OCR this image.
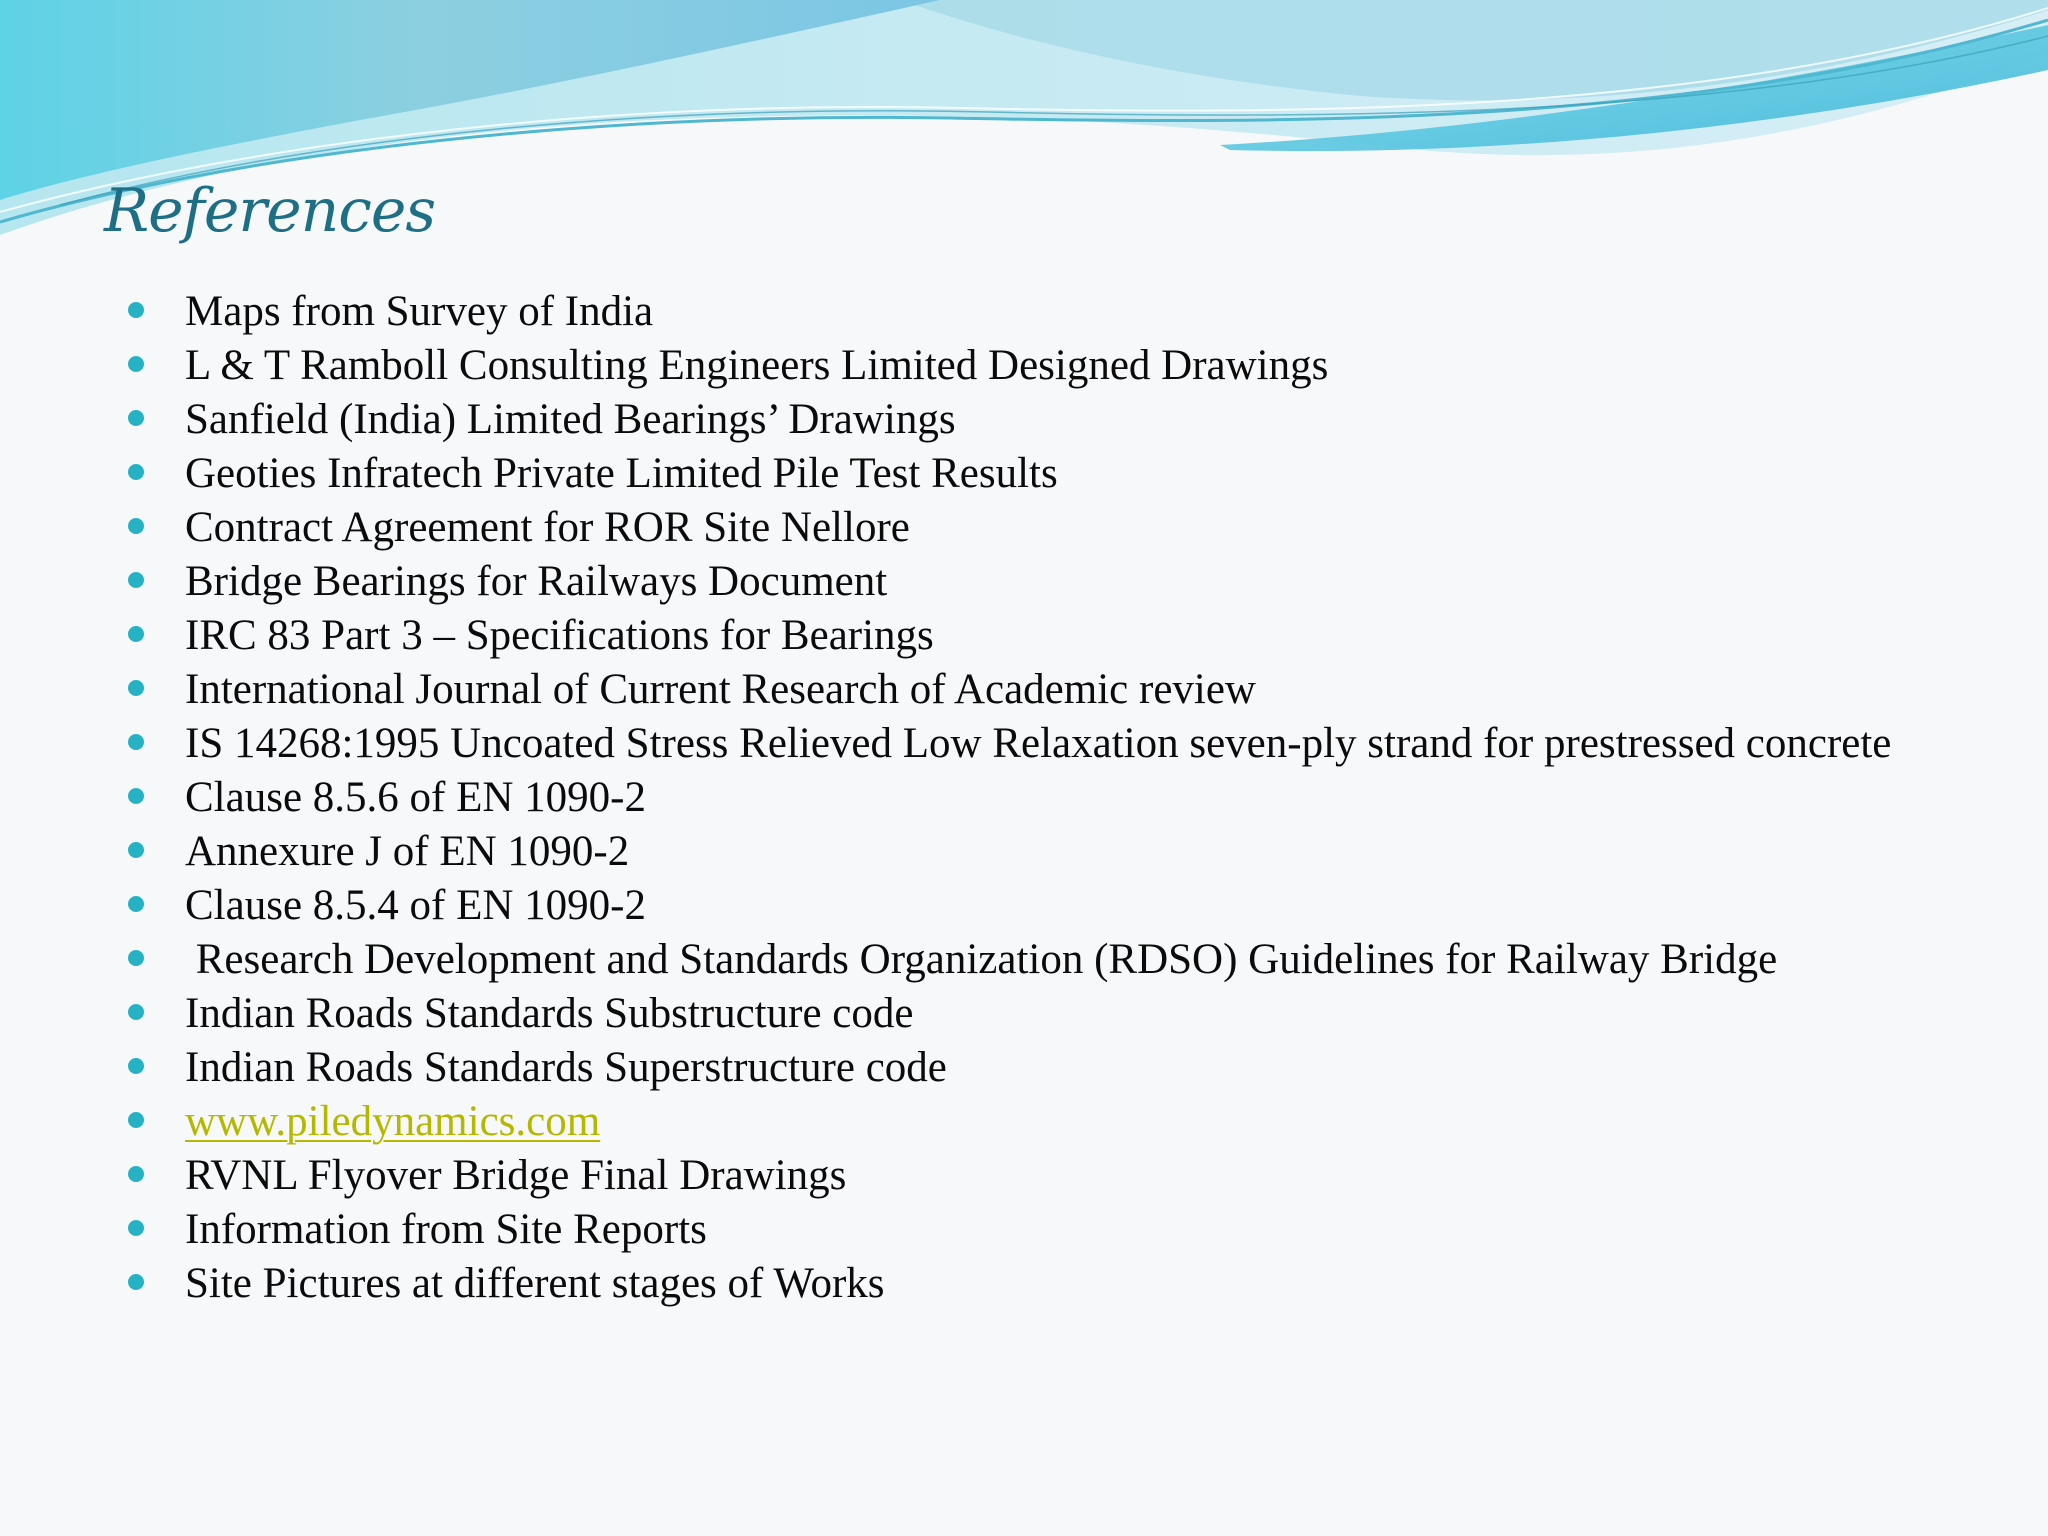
References
Maps from Survey of India
L & T Ramboll Consulting Engineers Limited Designed Drawings
Sanfield (India) Limited Bearings’ Drawings
Geoties Infratech Private Limited Pile Test Results
Contract Agreement for ROR Site Nellore
Bridge Bearings for Railways Document
IRC 83 Part 3 – Specifications for Bearings
International Journal of Current Research of Academic review
IS 14268:1995 Uncoated Stress Relieved Low Relaxation seven-ply strand for prestressed concrete
Clause 8.5.6 of EN 1090-2
Annexure J of EN 1090-2
Clause 8.5.4 of EN 1090-2
Research Development and Standards Organization (RDSO) Guidelines for Railway Bridge
Indian Roads Standards Substructure code
Indian Roads Standards Superstructure code
www.piledynamics.com
RVNL Flyover Bridge Final Drawings
Information from Site Reports
Site Pictures at different stages of Works
